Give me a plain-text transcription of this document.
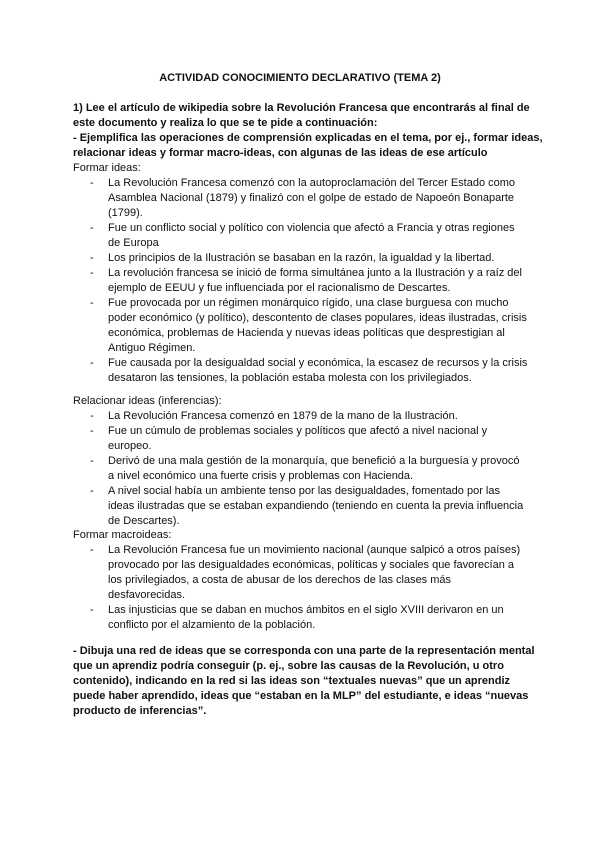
ACTIVIDAD CONOCIMIENTO DECLARATIVO (TEMA 2)
1) Lee el artículo de wikipedia sobre la Revolución Francesa que encontrarás al final de este documento y realiza lo que se te pide a continuación:
- Ejemplifica las operaciones de comprensión explicadas en el tema, por ej., formar ideas, relacionar ideas y formar macro-ideas, con algunas de las ideas de ese artículo
Formar ideas:
- La Revolución Francesa comenzó con la autoproclamación del Tercer Estado como Asamblea Nacional (1879) y finalizó con el golpe de estado de Napoeón Bonaparte (1799).
- Fue un conflicto social y político con violencia que afectó a Francia y otras regiones de Europa
- Los principios de la Ilustración se basaban en la razón, la igualdad y la libertad.
- La revolución francesa se inició de forma simultánea junto a la Ilustración y a raíz del ejemplo de EEUU y fue influenciada por el racionalismo de Descartes.
- Fue provocada por un régimen monárquico rígido, una clase burguesa con mucho poder económico (y político), descontento de clases populares, ideas ilustradas, crisis económica, problemas de Hacienda y nuevas ideas políticas que desprestigian al Antiguo Régimen.
- Fue causada por la desigualdad social y económica, la escasez de recursos y la crisis desataron las tensiones, la población estaba molesta con los privilegiados.
Relacionar ideas (inferencias):
- La Revolución Francesa comenzó en 1879 de la mano de la Ilustración.
- Fue un cúmulo de problemas sociales y políticos que afectó a nivel nacional y europeo.
- Derivó de una mala gestión de la monarquía, que benefició a la burguesía y provocó a nivel económico una fuerte crisis y problemas con Hacienda.
- A nivel social había un ambiente tenso por las desigualdades, fomentado por las ideas ilustradas que se estaban expandiendo (teniendo en cuenta la previa influencia de Descartes).
Formar macroideas:
- La Revolución Francesa fue un movimiento nacional (aunque salpicó a otros países) provocado por las desigualdades económicas, políticas y sociales que favorecían a los privilegiados, a costa de abusar de los derechos de las clases más desfavorecidas.
- Las injusticias que se daban en muchos ámbitos en el siglo XVIII derivaron en un conflicto por el alzamiento de la población.
- Dibuja una red de ideas que se corresponda con una parte de la representación mental que un aprendiz podría conseguir (p. ej., sobre las causas de la Revolución, u otro contenido), indicando en la red si las ideas son “textuales nuevas” que un aprendiz puede haber aprendido, ideas que “estaban en la MLP” del estudiante, e ideas “nuevas producto de inferencias”.
